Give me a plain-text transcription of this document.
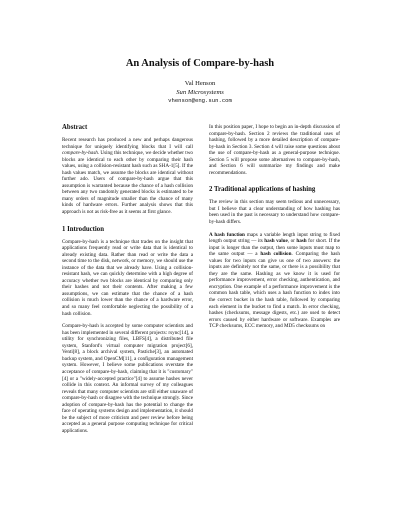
An Analysis of Compare-by-hash
Val Henson
Sun Microsystems
vhenson@eng.sun.com
Abstract

Recent research has produced a new and perhaps dangerous technique for uniquely identifying blocks that I will call compare-by-hash. Using this technique, we decide whether two blocks are identical to each other by comparing their hash values, using a collision-resistant hash such as SHA-1[5]. If the hash values match, we assume the blocks are identical without further ado. Users of compare-by-hash argue that this assumption is warranted because the chance of a hash collision between any two randomly generated blocks is estimated to be many orders of magnitude smaller than the chance of many kinds of hardware errors. Further analysis shows that this approach is not as risk-free as it seems at first glance.

1 Introduction

Compare-by-hash is a technique that trades on the insight that applications frequently read or write data that is identical to already existing data. Rather than read or write the data a second time to the disk, network, or memory, we should use the instance of the data that we already have. Using a collision-resistant hash, we can quickly determine with a high degree of accuracy whether two blocks are identical by comparing only their hashes and not their contents. After making a few assumptions, we can estimate that the chance of a hash collision is much lower than the chance of a hardware error, and so many feel comfortable neglecting the possibility of a hash collision.

Compare-by-hash is accepted by some computer scientists and has been implemented in several different projects: rsync[14], a utility for synchronizing files, LBFS[4], a distributed file system, Stanford's virtual computer migration project[6], Venti[8], a block archival system, Pastiche[3], an automated backup system, and OpenCM[11], a configuration management system. However, I believe some publications overstate the acceptance of compare-by-hash, claiming that it is "customary"[4] or a "widely-accepted practice"[4] to assume hashes never collide in this context. An informal survey of my colleagues reveals that many computer scientists are still either unaware of compare-by-hash or disagree with the technique strongly. Since adoption of compare-by-hash has the potential to change the face of operating systems design and implementation, it should be the subject of more criticism and peer review before being accepted as a general purpose computing technique for critical applications.

In this position paper, I hope to begin an in-depth discussion of compare-by-hash. Section 2 reviews the traditional uses of hashing, followed by a more detailed description of compare-by-hash in Section 3. Section 4 will raise some questions about the use of compare-by-hash as a general-purpose technique. Section 5 will propose some alternatives to compare-by-hash, and Section 6 will summarize my findings and make recommendations.

2 Traditional applications of hashing

The review in this section may seem tedious and unnecessary, but I believe that a clear understanding of how hashing has been used in the past is necessary to understand how compare-by-hash differs.

A hash function maps a variable length input string to fixed length output string — its hash value, or hash for short. If the input is longer than the output, then some inputs must map to the same output — a hash collision. Comparing the hash values for two inputs can give us one of two answers: the inputs are definitely not the same, or there is a possibility that they are the same. Hashing as we know it is used for performance improvement, error checking, authentication, and encryption. One example of a performance improvement is the common hash table, which uses a hash function to index into the correct bucket in the hash table, followed by comparing each element in the bucket to find a match. In error checking, hashes (checksums, message digests, etc.) are used to detect errors caused by either hardware or software. Examples are TCP checksums, ECC memory, and MD5 checksums on
